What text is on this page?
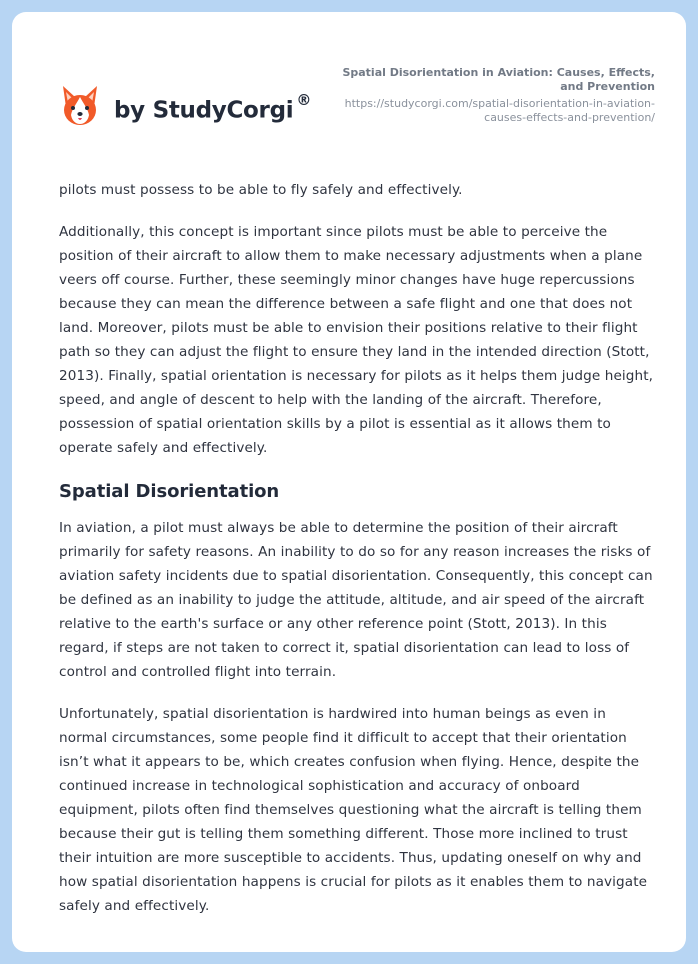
by StudyCorgi ®
Spatial Disorientation in Aviation: Causes, Effects, and Prevention
https://studycorgi.com/spatial-disorientation-in-aviation-causes-effects-and-prevention/

pilots must possess to be able to fly safely and effectively.

Additionally, this concept is important since pilots must be able to perceive the position of their aircraft to allow them to make necessary adjustments when a plane veers off course. Further, these seemingly minor changes have huge repercussions because they can mean the difference between a safe flight and one that does not land. Moreover, pilots must be able to envision their positions relative to their flight path so they can adjust the flight to ensure they land in the intended direction (Stott, 2013). Finally, spatial orientation is necessary for pilots as it helps them judge height, speed, and angle of descent to help with the landing of the aircraft. Therefore, possession of spatial orientation skills by a pilot is essential as it allows them to operate safely and effectively.

Spatial Disorientation

In aviation, a pilot must always be able to determine the position of their aircraft primarily for safety reasons. An inability to do so for any reason increases the risks of aviation safety incidents due to spatial disorientation. Consequently, this concept can be defined as an inability to judge the attitude, altitude, and air speed of the aircraft relative to the earth's surface or any other reference point (Stott, 2013). In this regard, if steps are not taken to correct it, spatial disorientation can lead to loss of control and controlled flight into terrain.

Unfortunately, spatial disorientation is hardwired into human beings as even in normal circumstances, some people find it difficult to accept that their orientation isn’t what it appears to be, which creates confusion when flying. Hence, despite the continued increase in technological sophistication and accuracy of onboard equipment, pilots often find themselves questioning what the aircraft is telling them because their gut is telling them something different. Those more inclined to trust their intuition are more susceptible to accidents. Thus, updating oneself on why and how spatial disorientation happens is crucial for pilots as it enables them to navigate safely and effectively.
